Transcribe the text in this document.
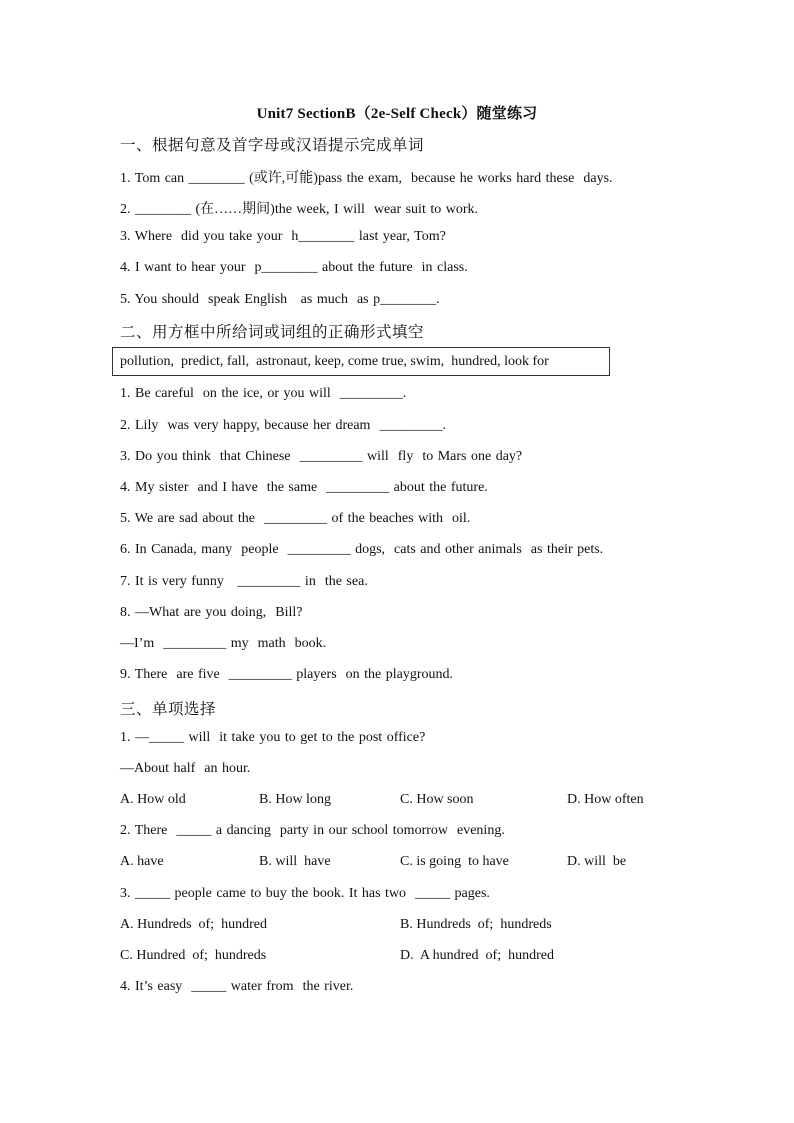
Unit7 SectionB（2e-Self Check）随堂练习
一、根据句意及首字母或汉语提示完成单词
1. Tom can ________ (或许,可能)pass the exam,  because he works hard these  days.
2. ________ (在……期间)the week, I will  wear suit to work.
3. Where  did you take your  h________ last year, Tom?
4. I want to hear your  p________ about the future  in class.
5. You should  speak English   as much  as p________.
二、用方框中所给词或词组的正确形式填空
pollution,  predict, fall,  astronaut, keep, come true, swim,  hundred, look for
1. Be careful  on the ice, or you will  _________.
2. Lily  was very happy, because her dream  _________.
3. Do you think  that Chinese  _________ will  fly  to Mars one day?
4. My sister  and I have  the same  _________ about the future.
5. We are sad about the  _________ of the beaches with  oil.
6. In Canada, many  people  _________ dogs,  cats and other animals  as their pets.
7. It is very funny   _________ in  the sea.
8. —What are you doing,  Bill?
—I’m  _________ my  math  book.
9. There  are five  _________ players  on the playground.
三、单项选择
1. —_____ will  it take you to get to the post office?
—About half  an hour.
A. How old	B. How long	C. How soon	D. How often
2. There  _____ a dancing  party in our school tomorrow  evening.
A. have	B. will  have	C. is going  to have	D. will  be
3. _____ people came to buy the book. It has two  _____ pages.
A. Hundreds  of;  hundred	B. Hundreds  of;  hundreds
C. Hundred  of;  hundreds	D.  A hundred  of;  hundred
4. It’s easy  _____ water from  the river.
